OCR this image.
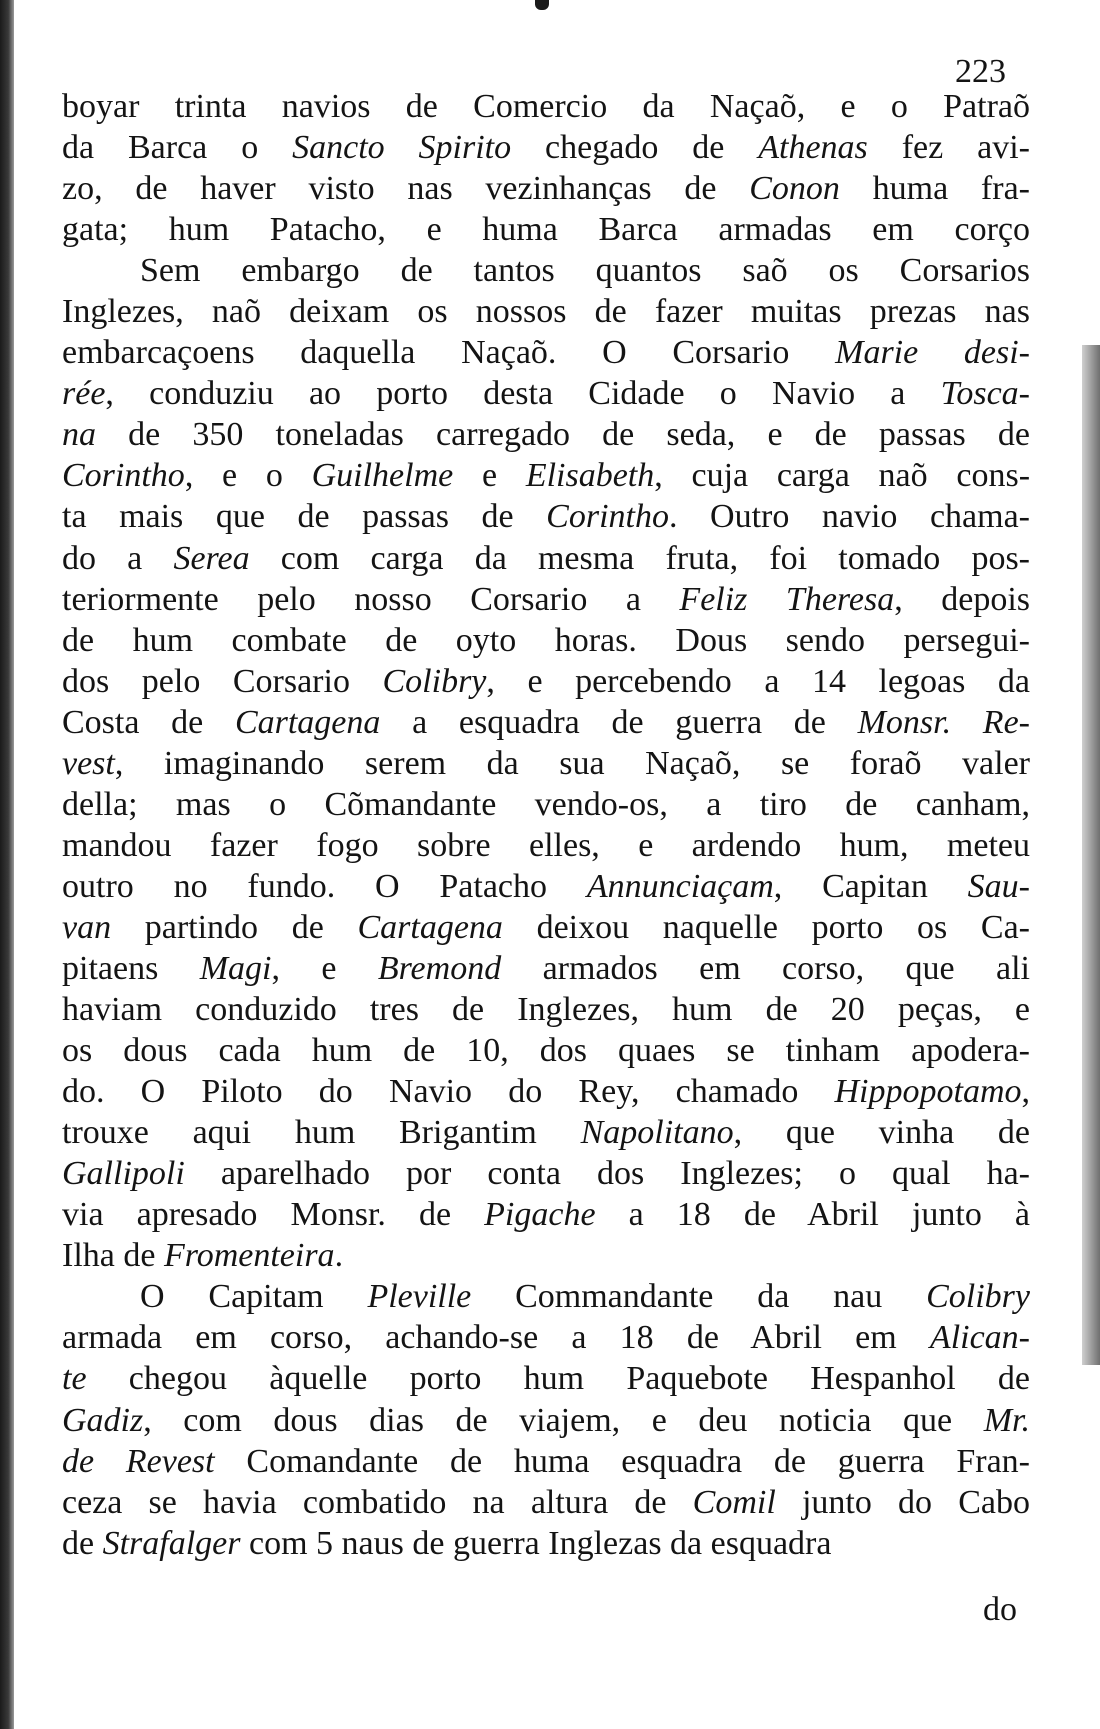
223
boyar trinta navios de Comercio da Naçaõ, e o Patraõ
da Barca o Sancto Spirito chegado de Athenas fez avi-
zo, de haver visto nas vezinhanças de Conon huma fra-
gata; hum Patacho, e huma Barca armadas em corço
Sem embargo de tantos quantos saõ os Corsarios
Inglezes, naõ deixam os nossos de fazer muitas prezas nas
embarcaçoens daquella Naçaõ. O Corsario Marie desi-
rée, conduziu ao porto desta Cidade o Navio a Tosca-
na de 350 toneladas carregado de seda, e de passas de
Corintho, e o Guilhelme e Elisabeth, cuja carga naõ cons-
ta mais que de passas de Corintho. Outro navio chama-
do a Serea com carga da mesma fruta, foi tomado pos-
teriormente pelo nosso Corsario a Feliz Theresa, depois
de hum combate de oyto horas. Dous sendo persegui-
dos pelo Corsario Colibry, e percebendo a 14 legoas da
Costa de Cartagena a esquadra de guerra de Monsr. Re-
vest, imaginando serem da sua Naçaõ, se foraõ valer
della; mas o Cõmandante vendo-os, a tiro de canham,
mandou fazer fogo sobre elles, e ardendo hum, meteu
outro no fundo. O Patacho Annunciaçam, Capitan Sau-
van partindo de Cartagena deixou naquelle porto os Ca-
pitaens Magi, e Bremond armados em corso, que ali
haviam conduzido tres de Inglezes, hum de 20 peças, e
os dous cada hum de 10, dos quaes se tinham apodera-
do. O Piloto do Navio do Rey, chamado Hippopotamo,
trouxe aqui hum Brigantim Napolitano, que vinha de
Gallipoli aparelhado por conta dos Inglezes; o qual ha-
via apresado Monsr. de Pigache a 18 de Abril junto à
Ilha de Fromenteira.
O Capitam Pleville Commandante da nau Colibry
armada em corso, achando-se a 18 de Abril em Alican-
te chegou àquelle porto hum Paquebote Hespanhol de
Gadiz, com dous dias de viajem, e deu noticia que Mr.
de Revest Comandante de huma esquadra de guerra Fran-
ceza se havia combatido na altura de Comil junto do Cabo
de Strafalger com 5 naus de guerra Inglezas da esquadra
do
